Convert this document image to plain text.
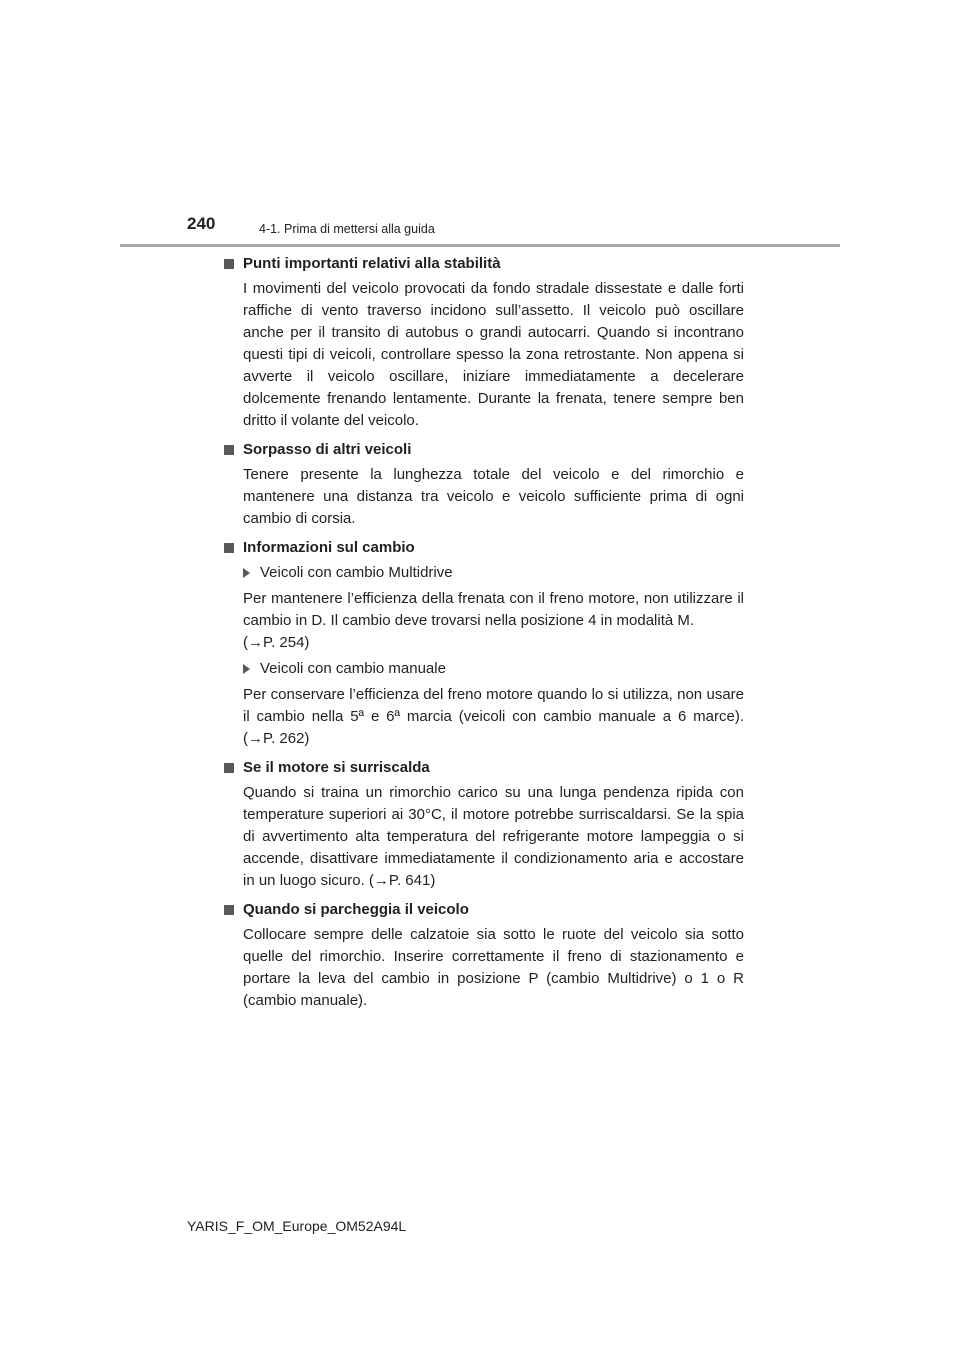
240	4-1. Prima di mettersi alla guida
Punti importanti relativi alla stabilità
I movimenti del veicolo provocati da fondo stradale dissestate e dalle forti raffiche di vento traverso incidono sull’assetto. Il veicolo può oscillare anche per il transito di autobus o grandi autocarri. Quando si incontrano questi tipi di veicoli, controllare spesso la zona retrostante. Non appena si avverte il veicolo oscillare, iniziare immediatamente a decelerare dolcemente frenando lentamente. Durante la frenata, tenere sempre ben dritto il volante del veicolo.
Sorpasso di altri veicoli
Tenere presente la lunghezza totale del veicolo e del rimorchio e mantenere una distanza tra veicolo e veicolo sufficiente prima di ogni cambio di corsia.
Informazioni sul cambio
Veicoli con cambio Multidrive
Per mantenere l’efficienza della frenata con il freno motore, non utilizzare il cambio in D. Il cambio deve trovarsi nella posizione 4 in modalità M.
(→P. 254)
Veicoli con cambio manuale
Per conservare l’efficienza del freno motore quando lo si utilizza, non usare il cambio nella 5ª e 6ª marcia (veicoli con cambio manuale a 6 marce). (→P. 262)
Se il motore si surriscalda
Quando si traina un rimorchio carico su una lunga pendenza ripida con temperature superiori ai 30°C, il motore potrebbe surriscaldarsi. Se la spia di avvertimento alta temperatura del refrigerante motore lampeggia o si accende, disattivare immediatamente il condizionamento aria e accostare in un luogo sicuro. (→P. 641)
Quando si parcheggia il veicolo
Collocare sempre delle calzatoie sia sotto le ruote del veicolo sia sotto quelle del rimorchio. Inserire correttamente il freno di stazionamento e portare la leva del cambio in posizione P (cambio Multidrive) o 1 o R (cambio manuale).
YARIS_F_OM_Europe_OM52A94L
